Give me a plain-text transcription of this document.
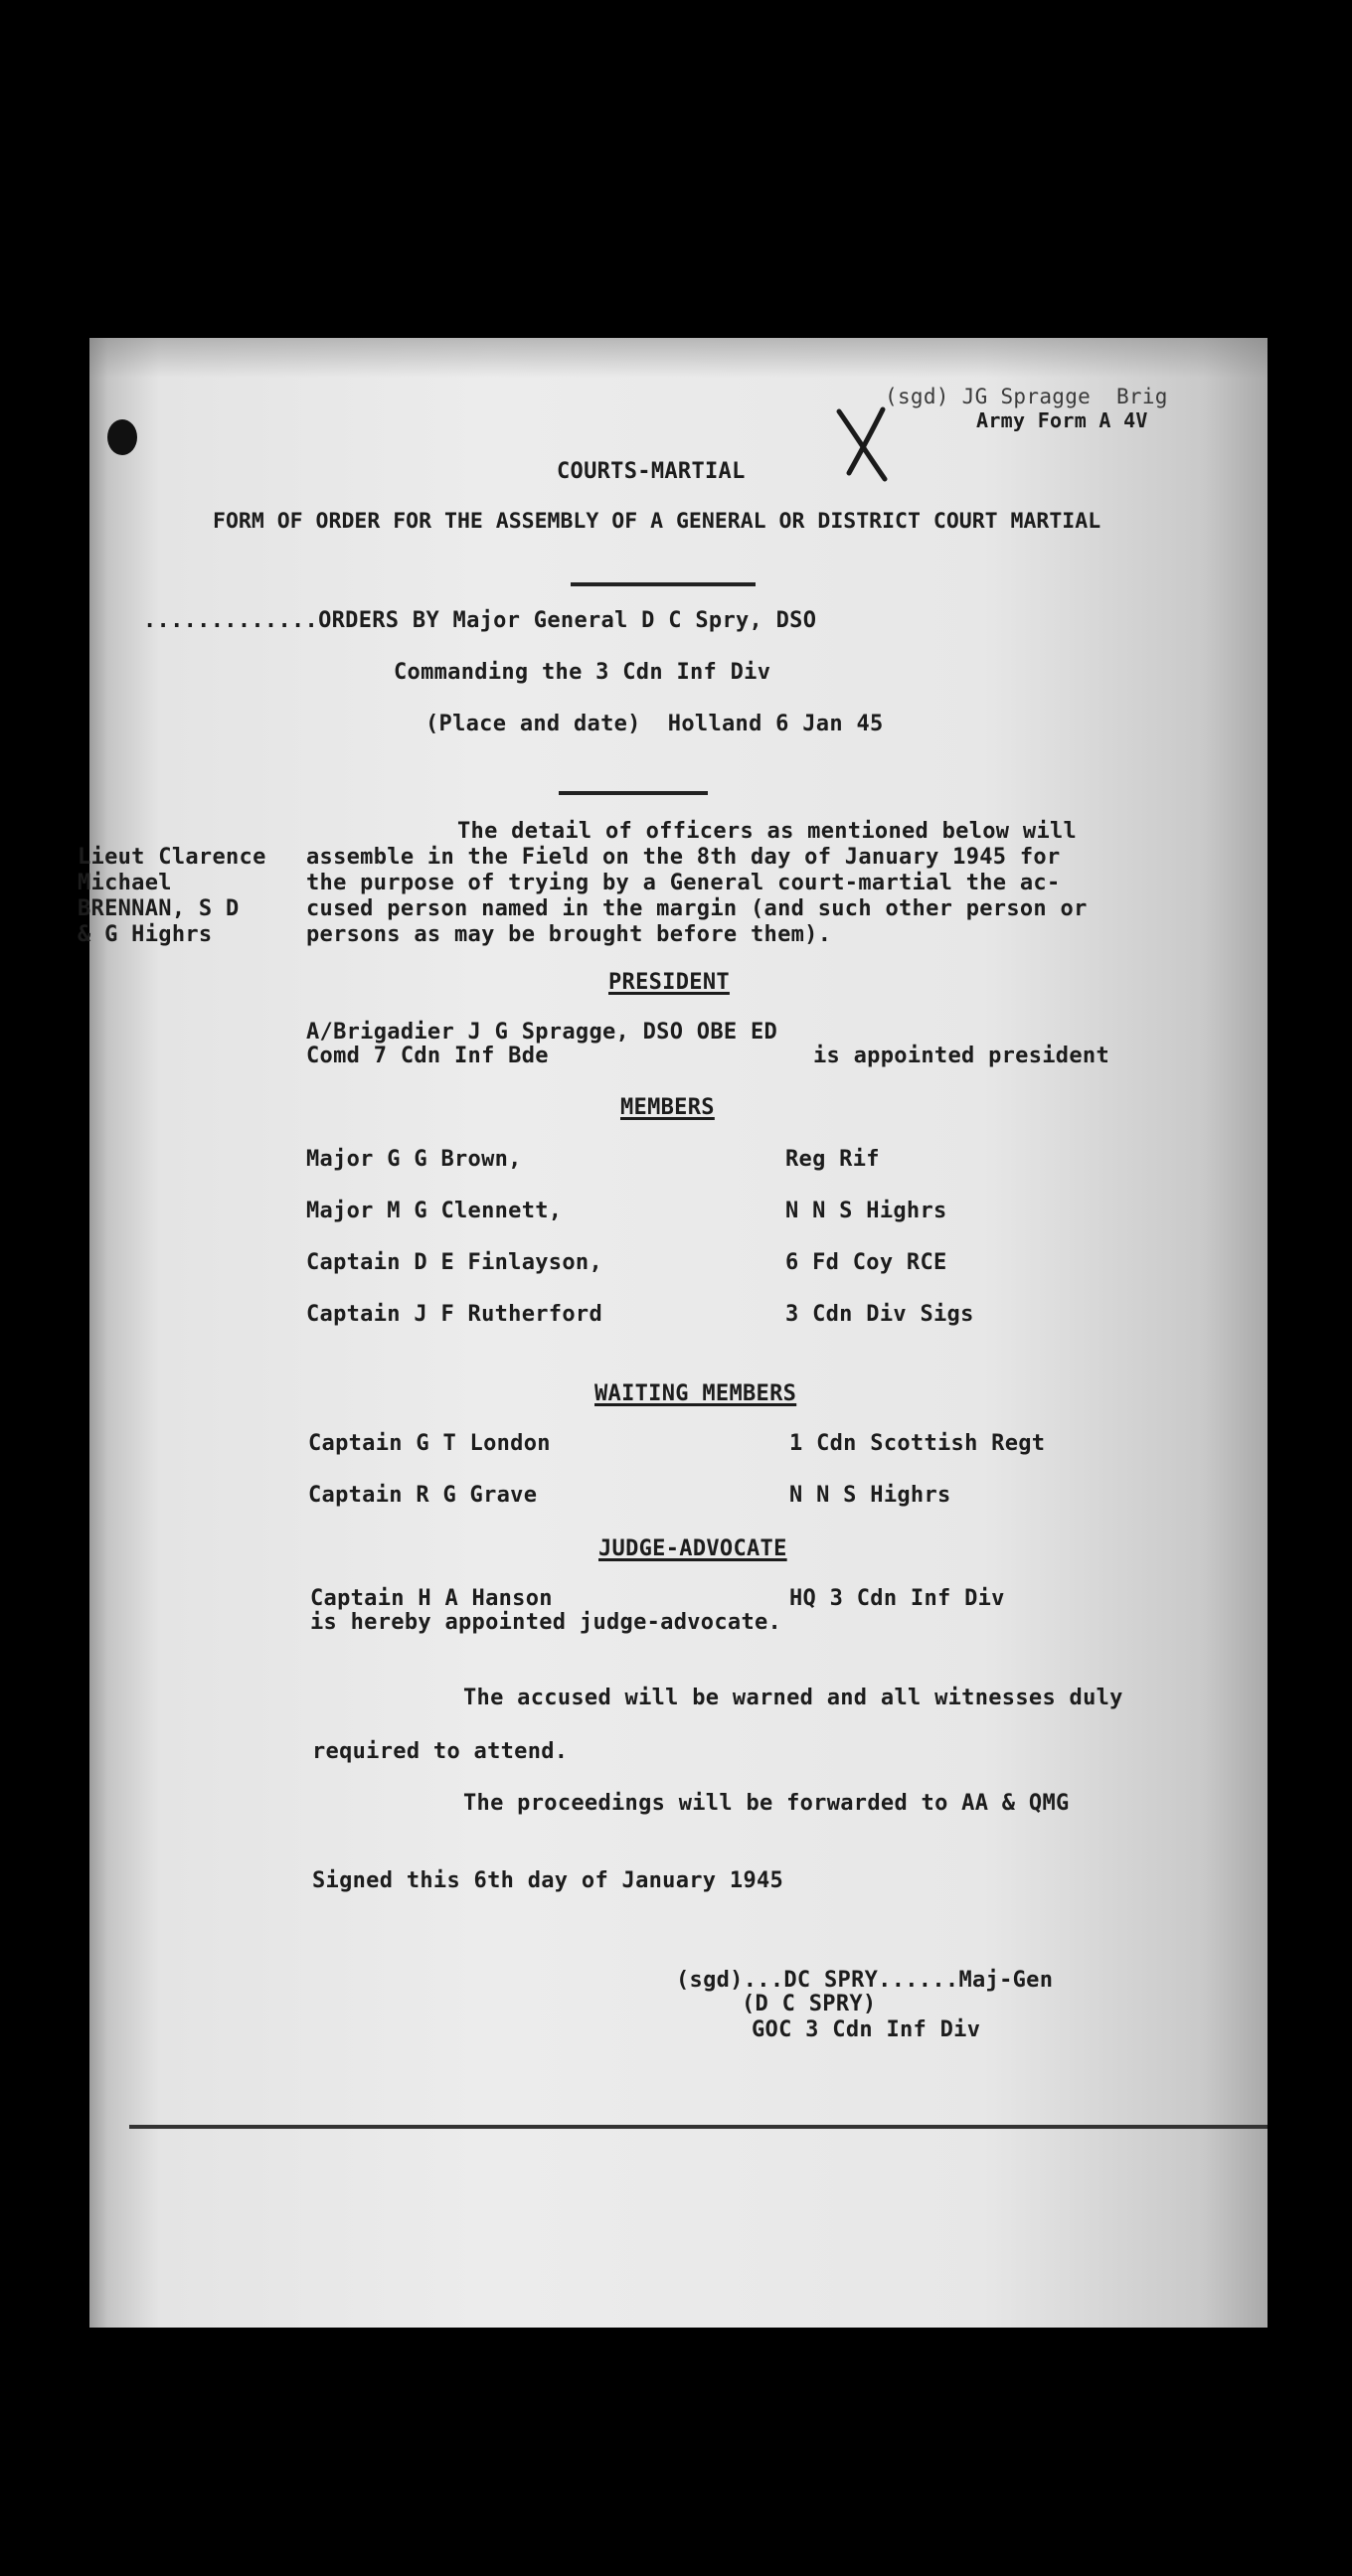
(sgd) JG Spragge  Brig
Army Form A 4V
COURTS-MARTIAL
FORM OF ORDER FOR THE ASSEMBLY OF A GENERAL OR DISTRICT COURT MARTIAL
.............ORDERS BY Major General D C Spry, DSO
Commanding the 3 Cdn Inf Div
(Place and date)  Holland 6 Jan 45
Lieut Clarence
Michael
BRENNAN, S D
& G Highrs
The detail of officers as mentioned below will
assemble in the Field on the 8th day of January 1945 for
the purpose of trying by a General court-martial the ac-
cused person named in the margin (and such other person or
persons as may be brought before them).
PRESIDENT
A/Brigadier J G Spragge, DSO OBE ED
Comd 7 Cdn Inf Bde	is appointed president
MEMBERS
Major G G Brown,	Reg Rif
Major M G Clennett,	N N S Highrs
Captain D E Finlayson,	6 Fd Coy RCE
Captain J F Rutherford	3 Cdn Div Sigs
WAITING MEMBERS
Captain G T London	1 Cdn Scottish Regt
Captain R G Grave	N N S Highrs
JUDGE-ADVOCATE
Captain H A Hanson	HQ 3 Cdn Inf Div
is hereby appointed judge-advocate.
The accused will be warned and all witnesses duly
required to attend.
The proceedings will be forwarded to AA & QMG
Signed this 6th day of January 1945
(sgd)...DC SPRY......Maj-Gen
(D C SPRY)
GOC 3 Cdn Inf Div
